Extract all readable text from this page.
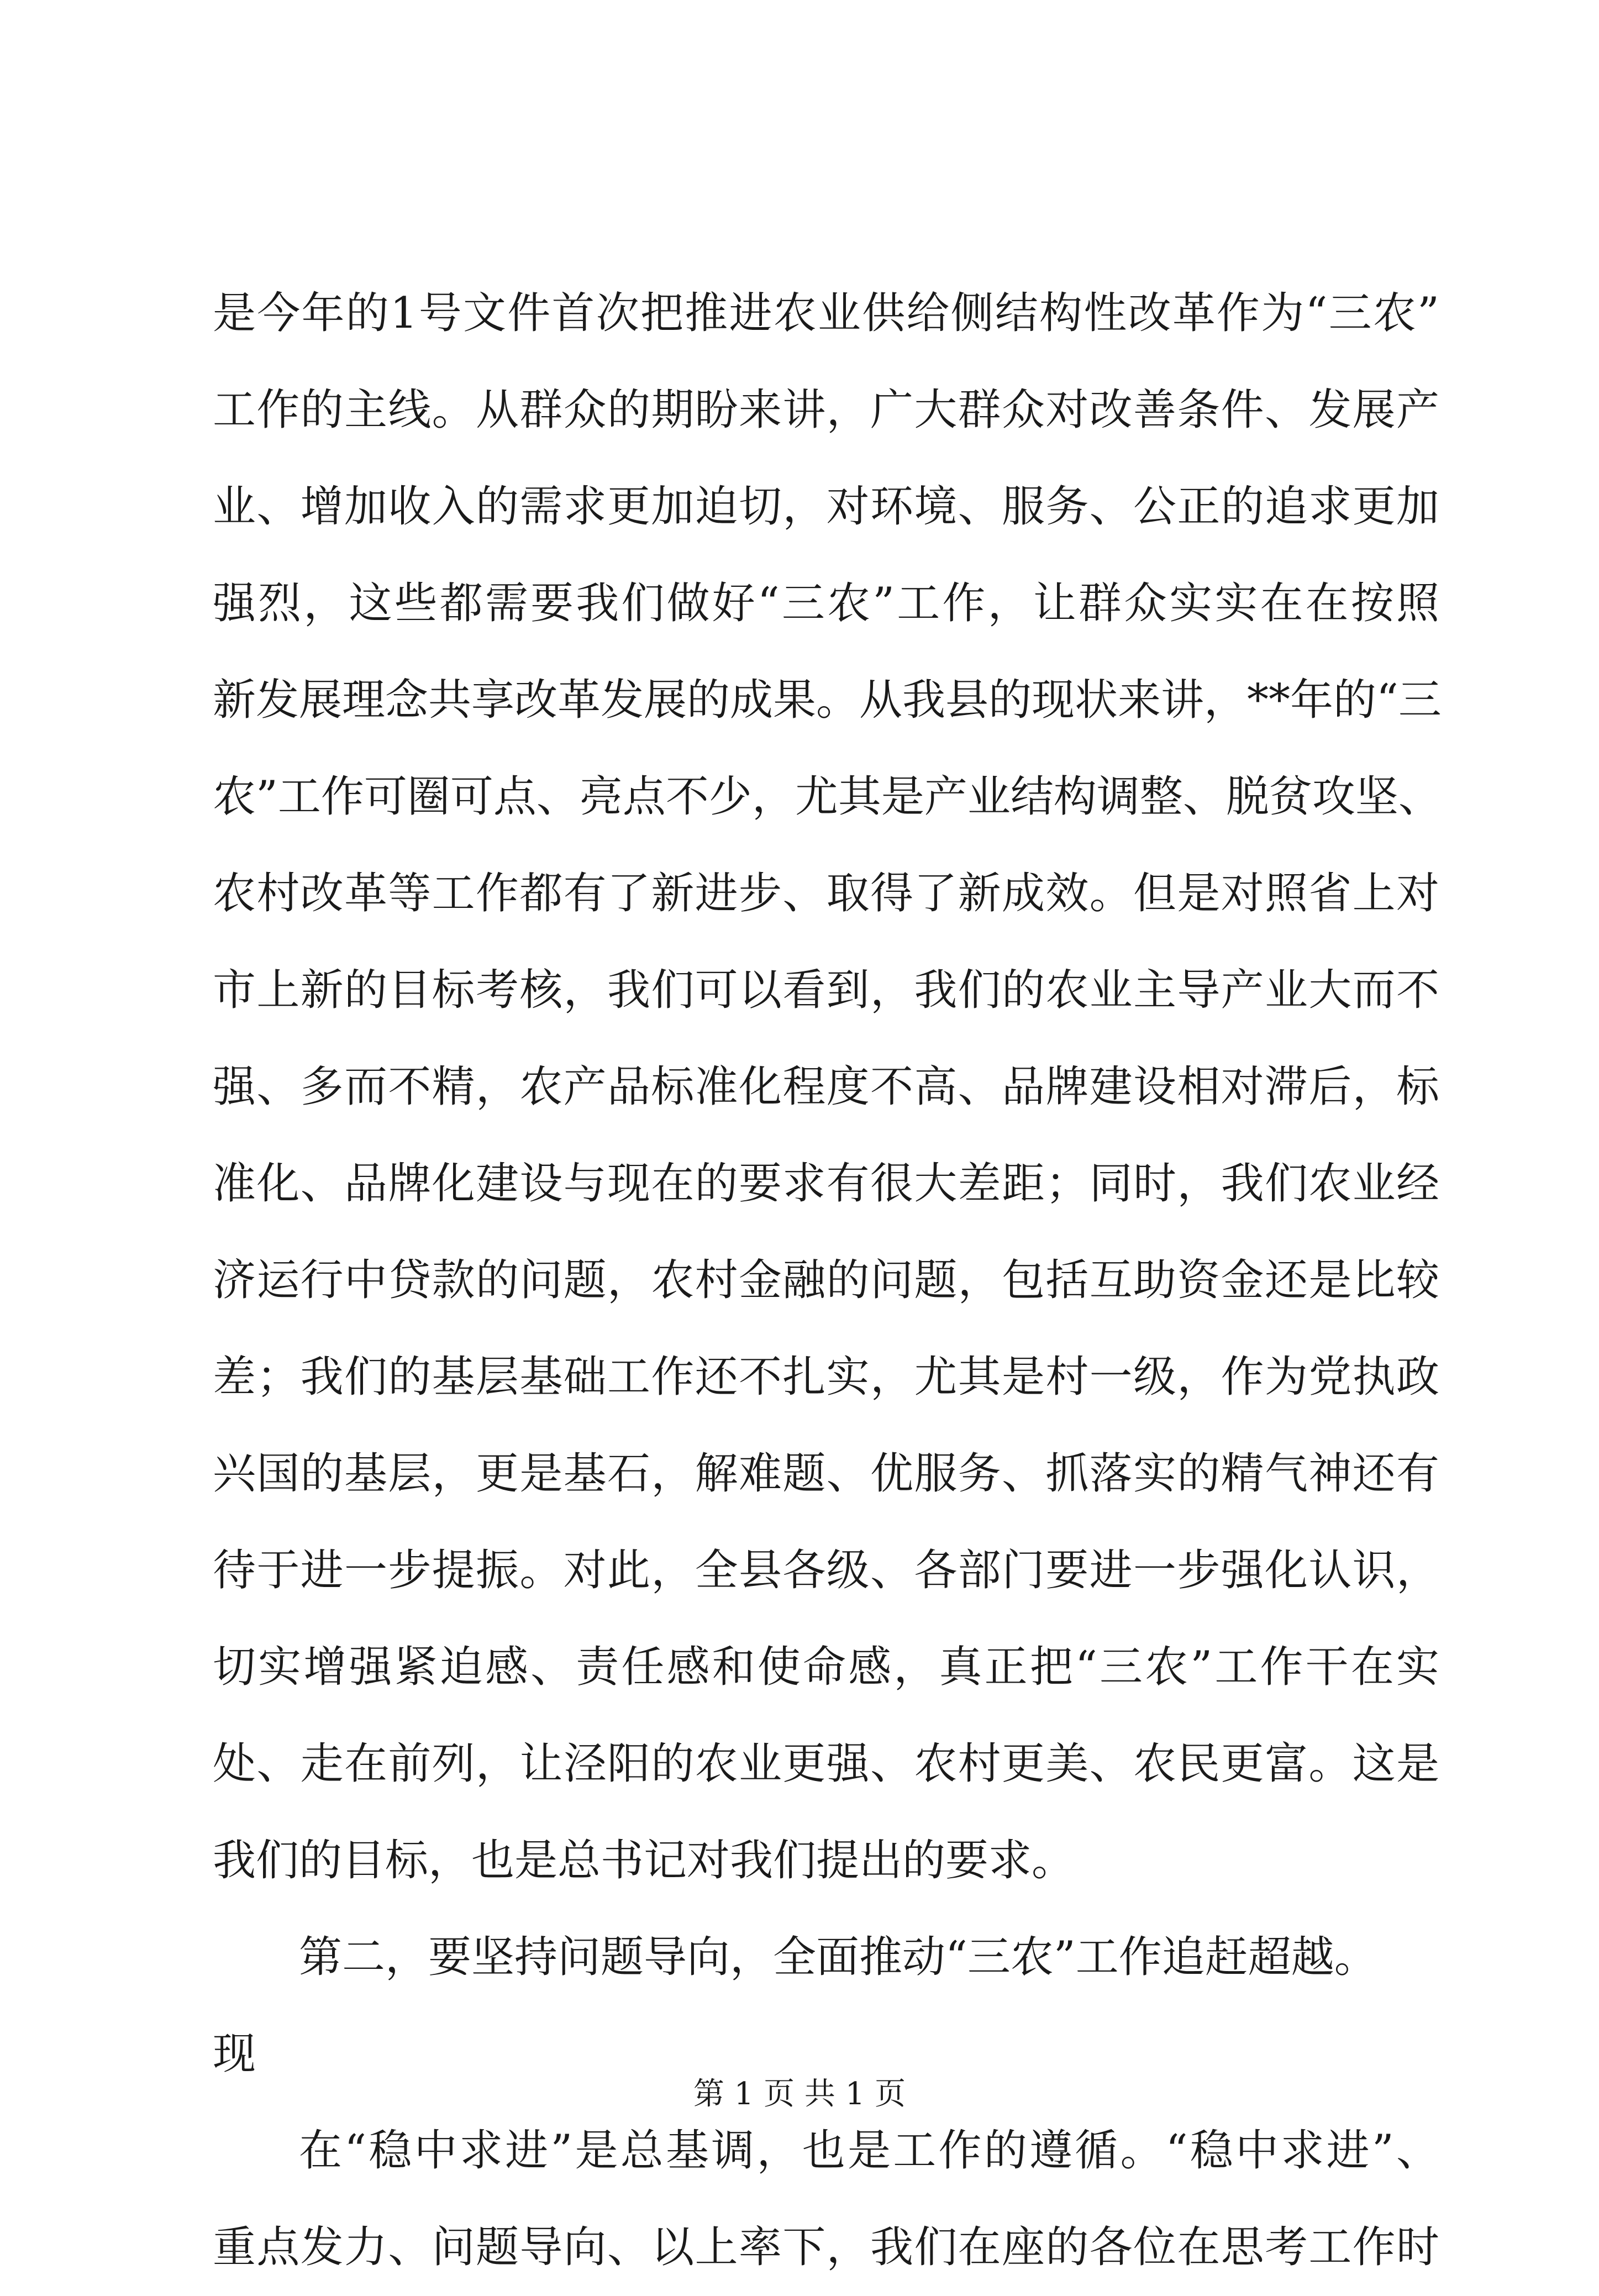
是今年的1号文件首次把推进农业供给侧结构性改革作为“三农”
工作的主线。从群众的期盼来讲，广大群众对改善条件、发展产
业、增加收入的需求更加迫切，对环境、服务、公正的追求更加
强烈，这些都需要我们做好“三农”工作，让群众实实在在按照
新发展理念共享改革发展的成果。从我县的现状来讲，**年的“三
农”工作可圈可点、亮点不少，尤其是产业结构调整、脱贫攻坚、
农村改革等工作都有了新进步、取得了新成效。但是对照省上对
市上新的目标考核，我们可以看到，我们的农业主导产业大而不
强、多而不精，农产品标准化程度不高、品牌建设相对滞后，标
准化、品牌化建设与现在的要求有很大差距；同时，我们农业经
济运行中贷款的问题，农村金融的问题，包括互助资金还是比较
差；我们的基层基础工作还不扎实，尤其是村一级，作为党执政
兴国的基层，更是基石，解难题、优服务、抓落实的精气神还有
待于进一步提振。对此，全县各级、各部门要进一步强化认识，
切实增强紧迫感、责任感和使命感，真正把“三农”工作干在实
处、走在前列，让泾阳的农业更强、农村更美、农民更富。这是
我们的目标，也是总书记对我们提出的要求。
第二，要坚持问题导向，全面推动“三农”工作追赶超越。
现
在“稳中求进”是总基调，也是工作的遵循。“稳中求进”、
重点发力、问题导向、以上率下，我们在座的各位在思考工作时
第 1 页 共 1 页
